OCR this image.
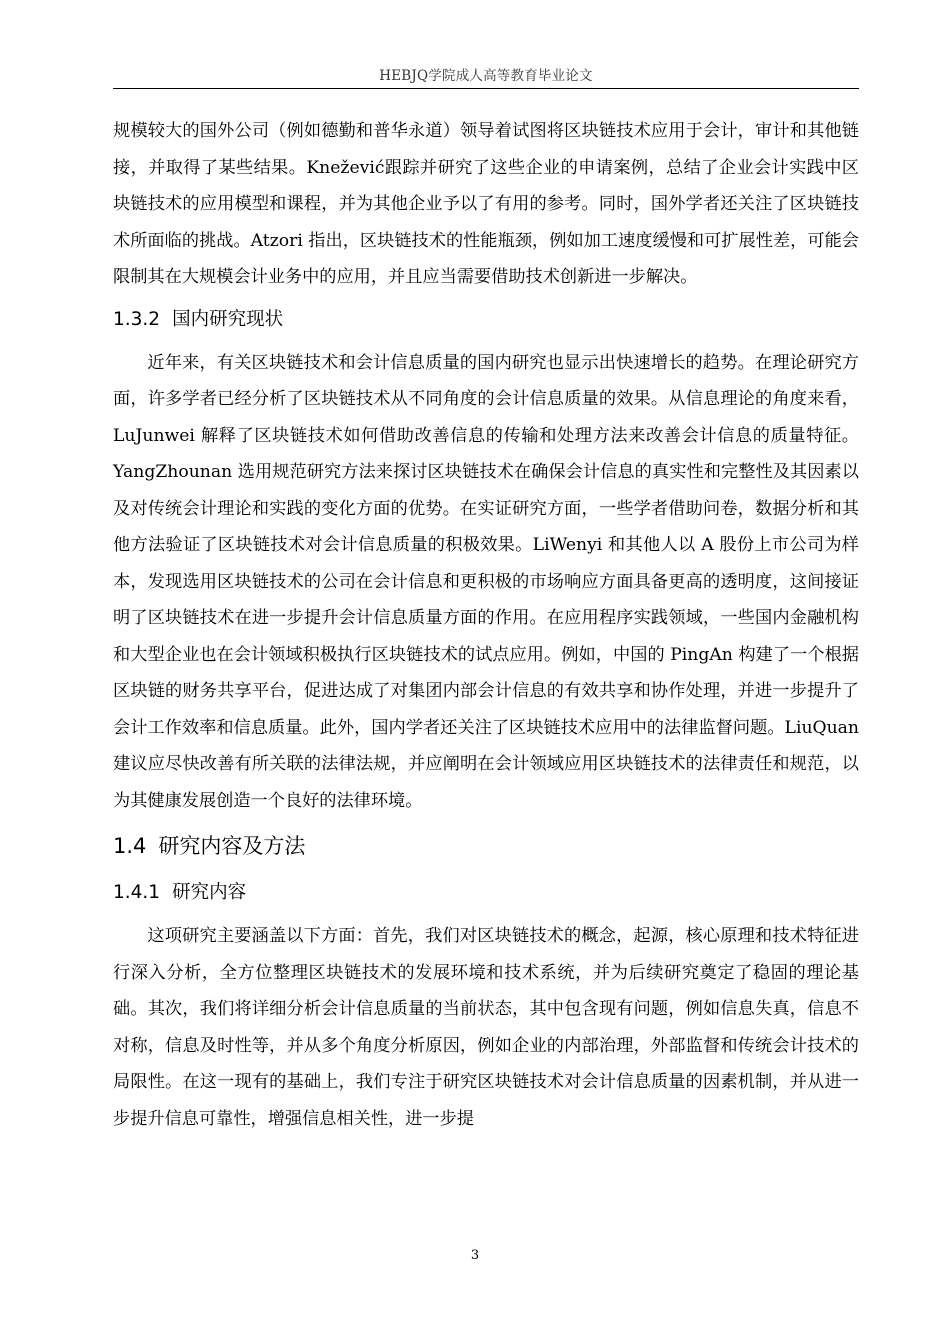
HEBJQ学院成人高等教育毕业论文

规模较大的国外公司（例如德勤和普华永道）领导着试图将区块链技术应用于会计，审计和其他链接，并取得了某些结果。Knežević跟踪并研究了这些企业的申请案例，总结了企业会计实践中区块链技术的应用模型和课程，并为其他企业予以了有用的参考。同时，国外学者还关注了区块链技术所面临的挑战。Atzori 指出，区块链技术的性能瓶颈，例如加工速度缓慢和可扩展性差，可能会限制其在大规模会计业务中的应用，并且应当需要借助技术创新进一步解决。

1.3.2 国内研究现状

近年来，有关区块链技术和会计信息质量的国内研究也显示出快速增长的趋势。在理论研究方面，许多学者已经分析了区块链技术从不同角度的会计信息质量的效果。从信息理论的角度来看，LuJunwei 解释了区块链技术如何借助改善信息的传输和处理方法来改善会计信息的质量特征。YangZhounan 选用规范研究方法来探讨区块链技术在确保会计信息的真实性和完整性及其因素以及对传统会计理论和实践的变化方面的优势。在实证研究方面，一些学者借助问卷，数据分析和其他方法验证了区块链技术对会计信息质量的积极效果。LiWenyi 和其他人以 A 股份上市公司为样本，发现选用区块链技术的公司在会计信息和更积极的市场响应方面具备更高的透明度，这间接证明了区块链技术在进一步提升会计信息质量方面的作用。在应用程序实践领域，一些国内金融机构和大型企业也在会计领域积极执行区块链技术的试点应用。例如，中国的 PingAn 构建了一个根据区块链的财务共享平台，促进达成了对集团内部会计信息的有效共享和协作处理，并进一步提升了会计工作效率和信息质量。此外，国内学者还关注了区块链技术应用中的法律监督问题。LiuQuan 建议应尽快改善有所关联的法律法规，并应阐明在会计领域应用区块链技术的法律责任和规范，以为其健康发展创造一个良好的法律环境。

1.4 研究内容及方法
1.4.1 研究内容

这项研究主要涵盖以下方面：首先，我们对区块链技术的概念，起源，核心原理和技术特征进行深入分析，全方位整理区块链技术的发展环境和技术系统，并为后续研究奠定了稳固的理论基础。其次，我们将详细分析会计信息质量的当前状态，其中包含现有问题，例如信息失真，信息不对称，信息及时性等，并从多个角度分析原因，例如企业的内部治理，外部监督和传统会计技术的局限性。在这一现有的基础上，我们专注于研究区块链技术对会计信息质量的因素机制，并从进一步提升信息可靠性，增强信息相关性，进一步提

3
